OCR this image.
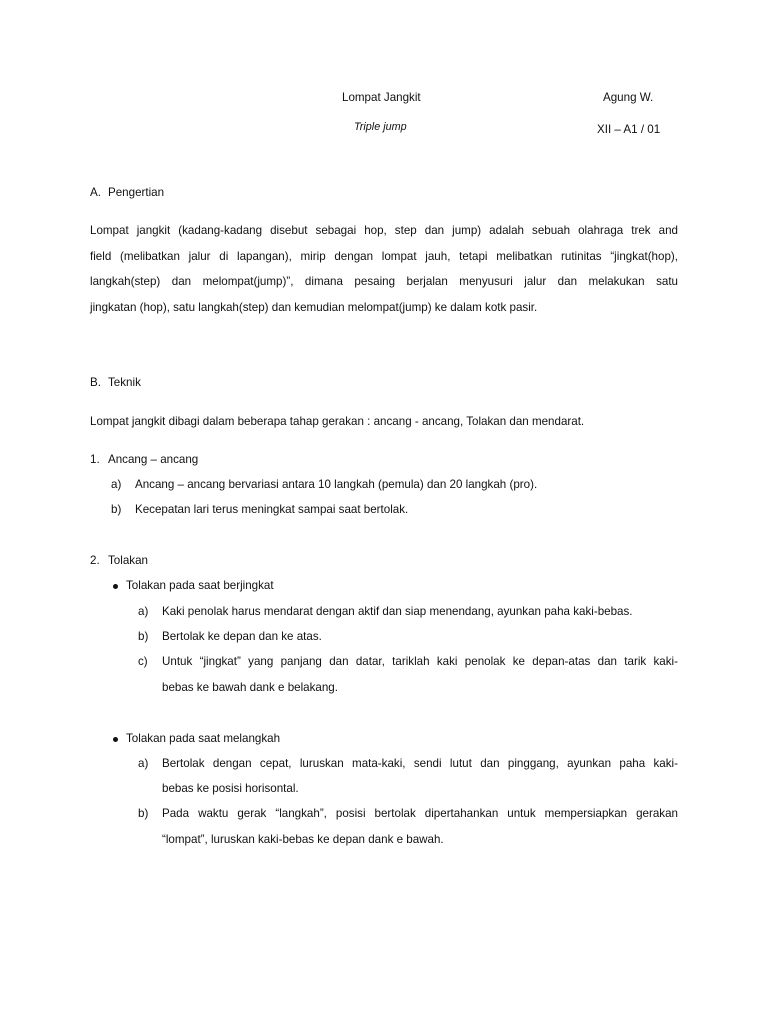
Lompat Jangkit
Triple jump
Agung W.
XII – A1 / 01
A. Pengertian
Lompat jangkit (kadang-kadang disebut sebagai hop, step dan jump) adalah sebuah olahraga trek and
field (melibatkan jalur di lapangan), mirip dengan lompat jauh, tetapi melibatkan rutinitas “jingkat(hop),
langkah(step) dan melompat(jump)”, dimana pesaing berjalan menyusuri jalur dan melakukan satu
jingkatan (hop), satu langkah(step) dan kemudian melompat(jump) ke dalam kotk pasir.
B. Teknik
Lompat jangkit dibagi dalam beberapa tahap gerakan : ancang - ancang, Tolakan dan mendarat.
1. Ancang – ancang
a) Ancang – ancang bervariasi antara 10 langkah (pemula) dan 20 langkah (pro).
b) Kecepatan lari terus meningkat sampai saat bertolak.
2. Tolakan
Tolakan pada saat berjingkat
a) Kaki penolak harus mendarat dengan aktif dan siap menendang, ayunkan paha kaki-bebas.
b) Bertolak ke depan dan ke atas.
c) Untuk “jingkat” yang panjang dan datar, tariklah kaki penolak ke depan-atas dan tarik kaki-
bebas ke bawah dank e belakang.
Tolakan pada saat melangkah
a) Bertolak dengan cepat, luruskan mata-kaki, sendi lutut dan pinggang, ayunkan paha kaki-
bebas ke posisi horisontal.
b) Pada waktu gerak “langkah”, posisi bertolak dipertahankan untuk mempersiapkan gerakan
“lompat”, luruskan kaki-bebas ke depan dank e bawah.
